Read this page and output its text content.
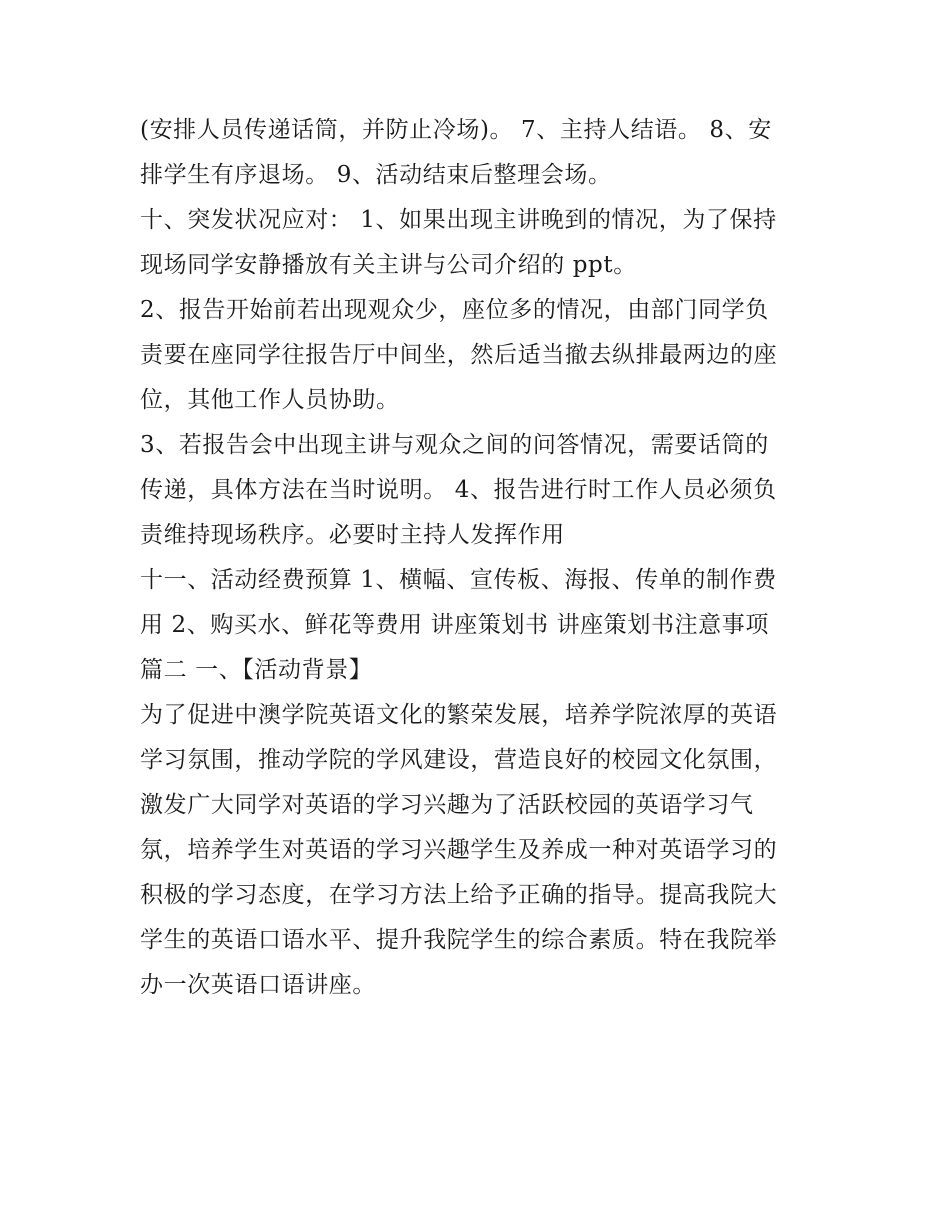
(安排人员传递话筒，并防止冷场)。 7、主持人结语。 8、安
排学生有序退场。 9、活动结束后整理会场。
十、突发状况应对： 1、如果出现主讲晚到的情况，为了保持
现场同学安静播放有关主讲与公司介绍的 ppt。
2、报告开始前若出现观众少，座位多的情况，由部门同学负
责要在座同学往报告厅中间坐，然后适当撤去纵排最两边的座
位，其他工作人员协助。
3、若报告会中出现主讲与观众之间的问答情况，需要话筒的
传递，具体方法在当时说明。 4、报告进行时工作人员必须负
责维持现场秩序。必要时主持人发挥作用
十一、活动经费预算 1、横幅、宣传板、海报、传单的制作费
用 2、购买水、鲜花等费用 讲座策划书 讲座策划书注意事项
篇二 一、【活动背景】
为了促进中澳学院英语文化的繁荣发展，培养学院浓厚的英语
学习氛围，推动学院的学风建设，营造良好的校园文化氛围，
激发广大同学对英语的学习兴趣为了活跃校园的英语学习气
氛，培养学生对英语的学习兴趣学生及养成一种对英语学习的
积极的学习态度，在学习方法上给予正确的指导。提高我院大
学生的英语口语水平、提升我院学生的综合素质。特在我院举
办一次英语口语讲座。
